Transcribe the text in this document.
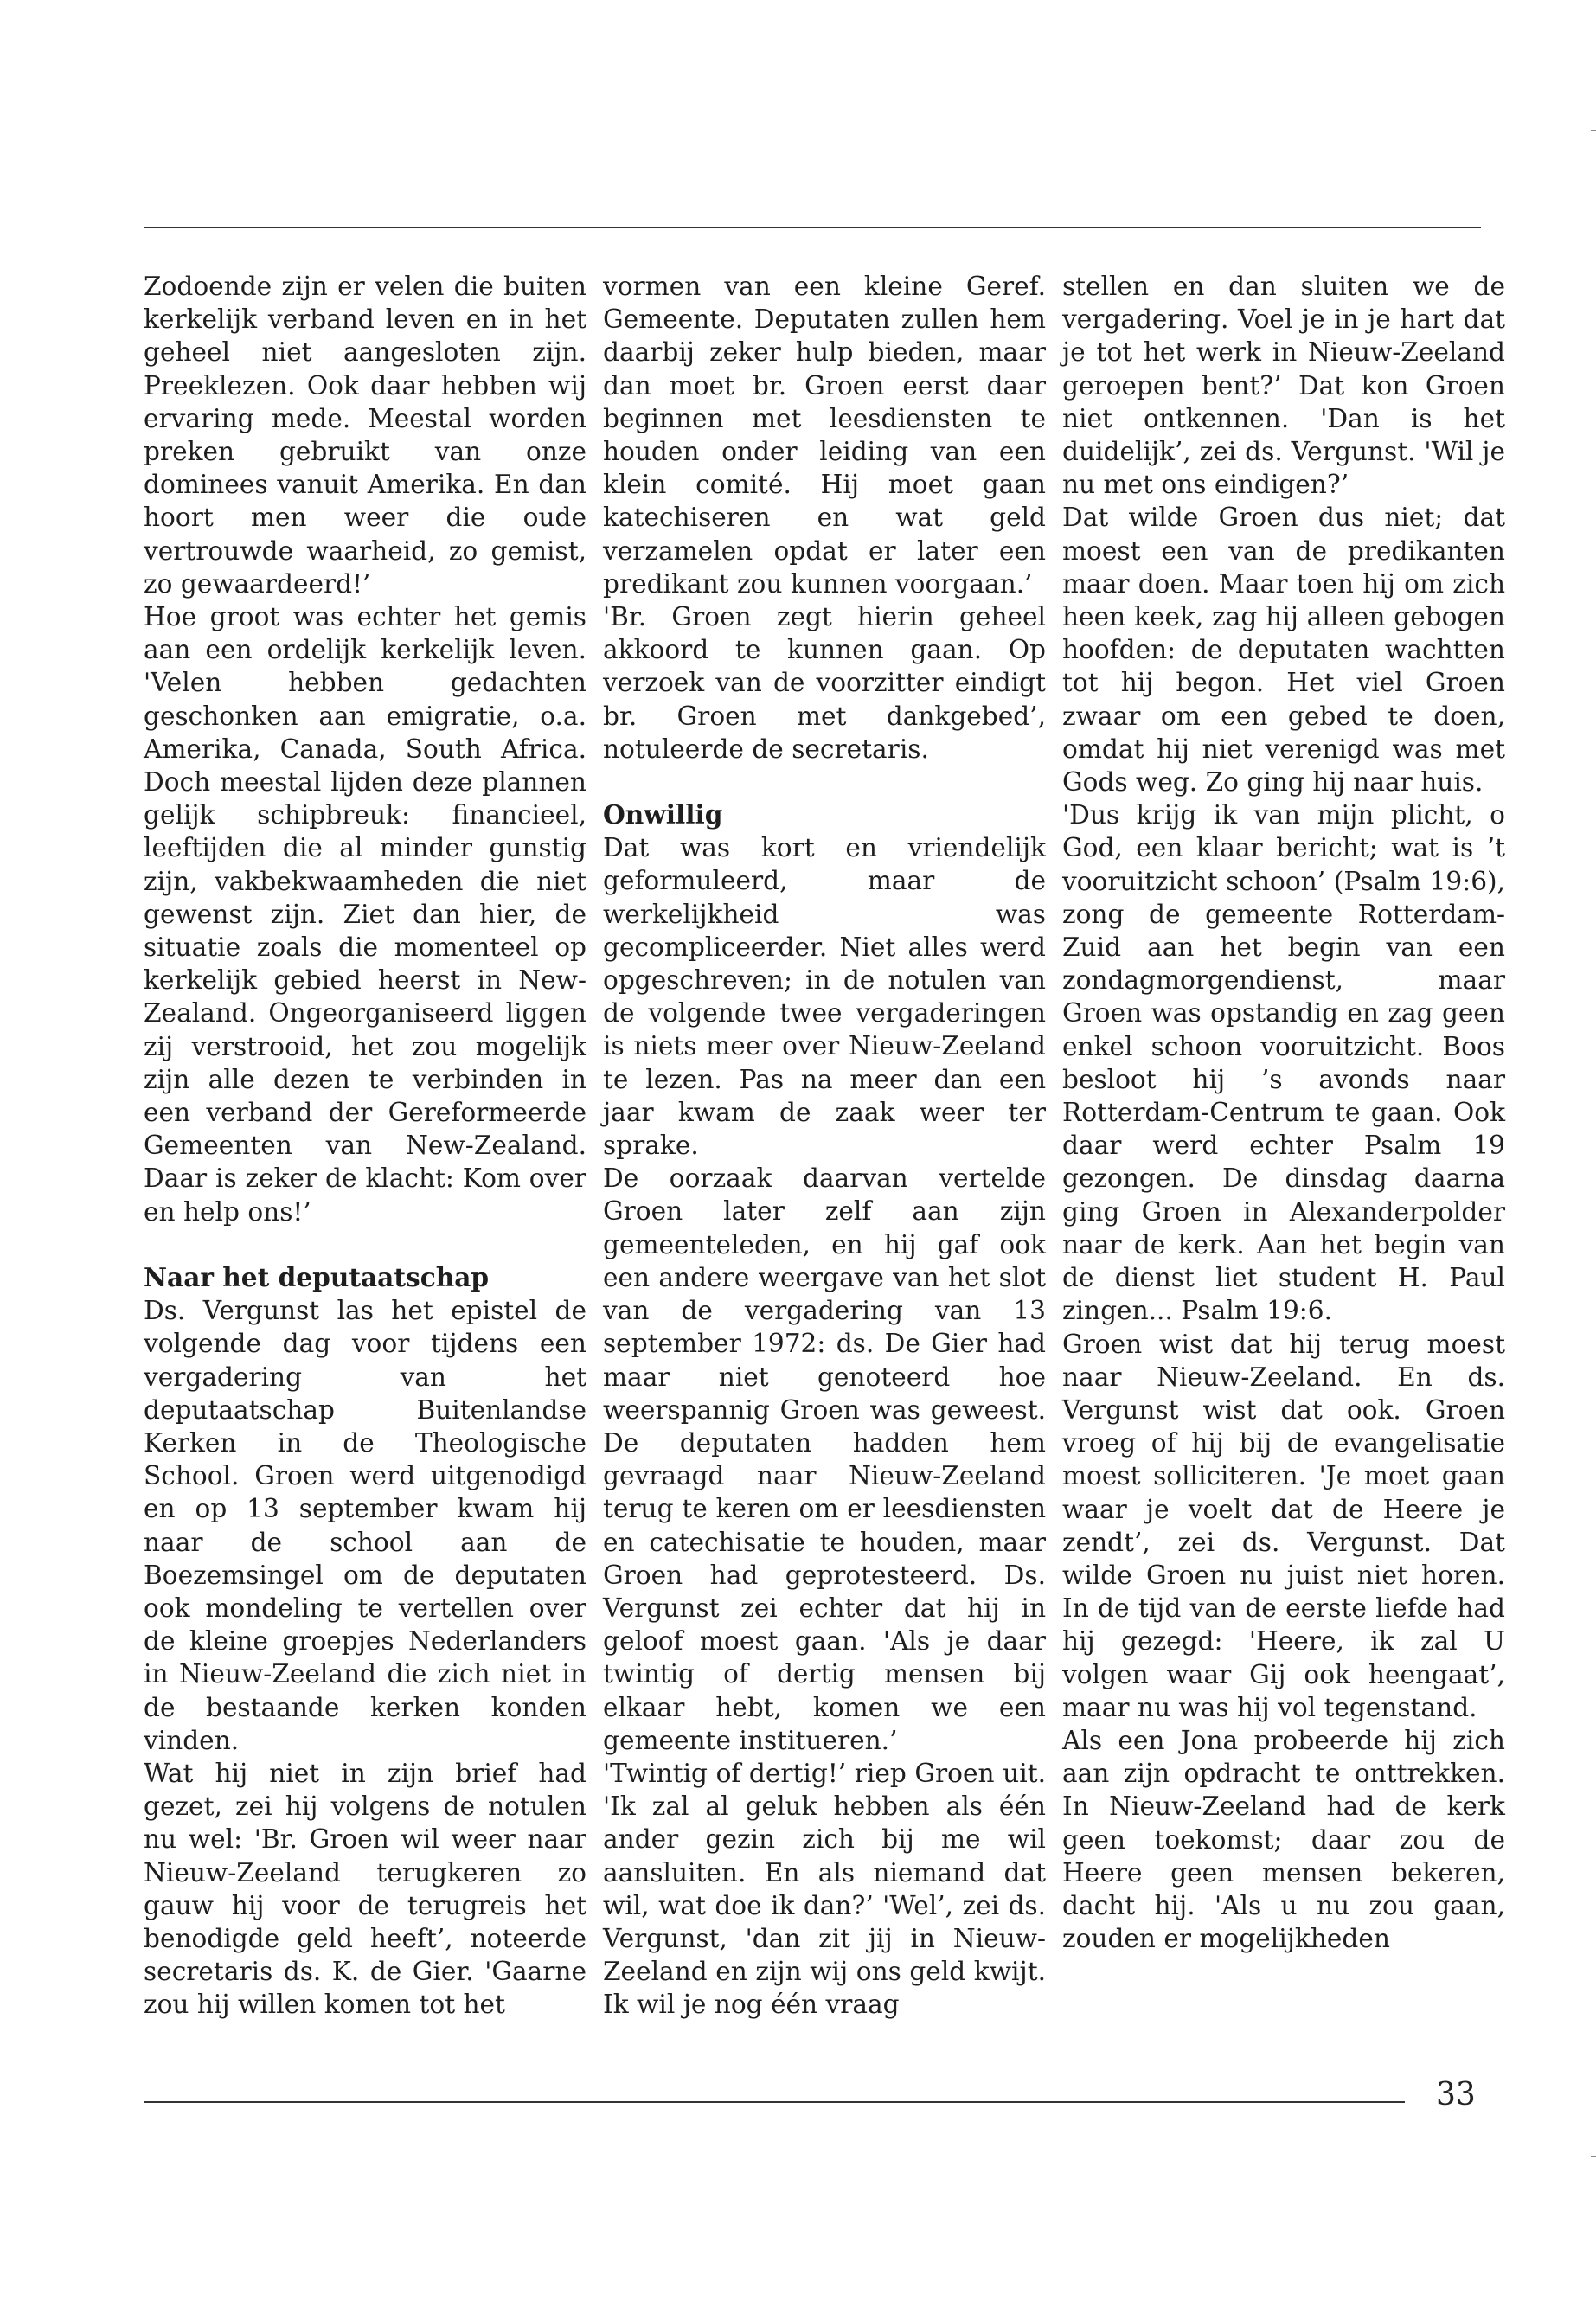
Zodoende zijn er velen die buiten kerkelijk verband leven en in het geheel niet aangesloten zijn. Preeklezen. Ook daar hebben wij ervaring mede. Meestal worden preken gebruikt van onze dominees vanuit Amerika. En dan hoort men weer die oude vertrouwde waarheid, zo gemist, zo gewaardeerd!’

Hoe groot was echter het gemis aan een ordelijk kerkelijk leven. 'Velen hebben gedachten geschonken aan emigratie, o.a. Amerika, Canada, South Africa. Doch meestal lijden deze plannen gelijk schipbreuk: financieel, leeftijden die al minder gunstig zijn, vakbekwaamheden die niet gewenst zijn. Ziet dan hier, de situatie zoals die momenteel op kerkelijk gebied heerst in New-Zealand. Ongeorganiseerd liggen zij verstrooid, het zou mogelijk zijn alle dezen te verbinden in een verband der Gereformeerde Gemeenten van New-Zealand. Daar is zeker de klacht: Kom over en help ons!’

Naar het deputaatschap

Ds. Vergunst las het epistel de volgende dag voor tijdens een vergadering van het deputaatschap Buitenlandse Kerken in de Theologische School. Groen werd uitgenodigd en op 13 september kwam hij naar de school aan de Boezemsingel om de deputaten ook mondeling te vertellen over de kleine groepjes Nederlanders in Nieuw-Zeeland die zich niet in de bestaande kerken konden vinden.

Wat hij niet in zijn brief had gezet, zei hij volgens de notulen nu wel: 'Br. Groen wil weer naar Nieuw-Zeeland terugkeren zo gauw hij voor de terugreis het benodigde geld heeft’, noteerde secretaris ds. K. de Gier. 'Gaarne zou hij willen komen tot het

vormen van een kleine Geref. Gemeente. Deputaten zullen hem daarbij zeker hulp bieden, maar dan moet br. Groen eerst daar beginnen met leesdiensten te houden onder leiding van een klein comité. Hij moet gaan katechiseren en wat geld verzamelen opdat er later een predikant zou kunnen voorgaan.’

'Br. Groen zegt hierin geheel akkoord te kunnen gaan. Op verzoek van de voorzitter eindigt br. Groen met dankgebed’, notuleerde de secretaris.

Onwillig

Dat was kort en vriendelijk geformuleerd, maar de werkelijkheid was gecompliceerder. Niet alles werd opgeschreven; in de notulen van de volgende twee vergaderingen is niets meer over Nieuw-Zeeland te lezen. Pas na meer dan een jaar kwam de zaak weer ter sprake.

De oorzaak daarvan vertelde Groen later zelf aan zijn gemeenteleden, en hij gaf ook een andere weergave van het slot van de vergadering van 13 september 1972: ds. De Gier had maar niet genoteerd hoe weerspannig Groen was geweest. De deputaten hadden hem gevraagd naar Nieuw-Zeeland terug te keren om er leesdiensten en catechisatie te houden, maar Groen had geprotesteerd. Ds. Vergunst zei echter dat hij in geloof moest gaan. 'Als je daar twintig of dertig mensen bij elkaar hebt, komen we een gemeente institueren.’

'Twintig of dertig!’ riep Groen uit. 'Ik zal al geluk hebben als één ander gezin zich bij me wil aansluiten. En als niemand dat wil, wat doe ik dan?’ 'Wel’, zei ds. Vergunst, 'dan zit jij in Nieuw-Zeeland en zijn wij ons geld kwijt. Ik wil je nog één vraag

stellen en dan sluiten we de vergadering. Voel je in je hart dat je tot het werk in Nieuw-Zeeland geroepen bent?’ Dat kon Groen niet ontkennen. 'Dan is het duidelijk’, zei ds. Vergunst. 'Wil je nu met ons eindigen?’

Dat wilde Groen dus niet; dat moest een van de predikanten maar doen. Maar toen hij om zich heen keek, zag hij alleen gebogen hoofden: de deputaten wachtten tot hij begon. Het viel Groen zwaar om een gebed te doen, omdat hij niet verenigd was met Gods weg. Zo ging hij naar huis.

'Dus krijg ik van mijn plicht, o God, een klaar bericht; wat is ’t vooruitzicht schoon’ (Psalm 19:6), zong de gemeente Rotterdam-Zuid aan het begin van een zondagmorgendienst, maar Groen was opstandig en zag geen enkel schoon vooruitzicht. Boos besloot hij ’s avonds naar Rotterdam-Centrum te gaan. Ook daar werd echter Psalm 19 gezongen. De dinsdag daarna ging Groen in Alexanderpolder naar de kerk. Aan het begin van de dienst liet student H. Paul zingen... Psalm 19:6.

Groen wist dat hij terug moest naar Nieuw-Zeeland. En ds. Vergunst wist dat ook. Groen vroeg of hij bij de evangelisatie moest solliciteren. 'Je moet gaan waar je voelt dat de Heere je zendt’, zei ds. Vergunst. Dat wilde Groen nu juist niet horen. In de tijd van de eerste liefde had hij gezegd: 'Heere, ik zal U volgen waar Gij ook heengaat’, maar nu was hij vol tegenstand.

Als een Jona probeerde hij zich aan zijn opdracht te onttrekken. In Nieuw-Zeeland had de kerk geen toekomst; daar zou de Heere geen mensen bekeren, dacht hij. 'Als u nu zou gaan, zouden er mogelijkheden

33
